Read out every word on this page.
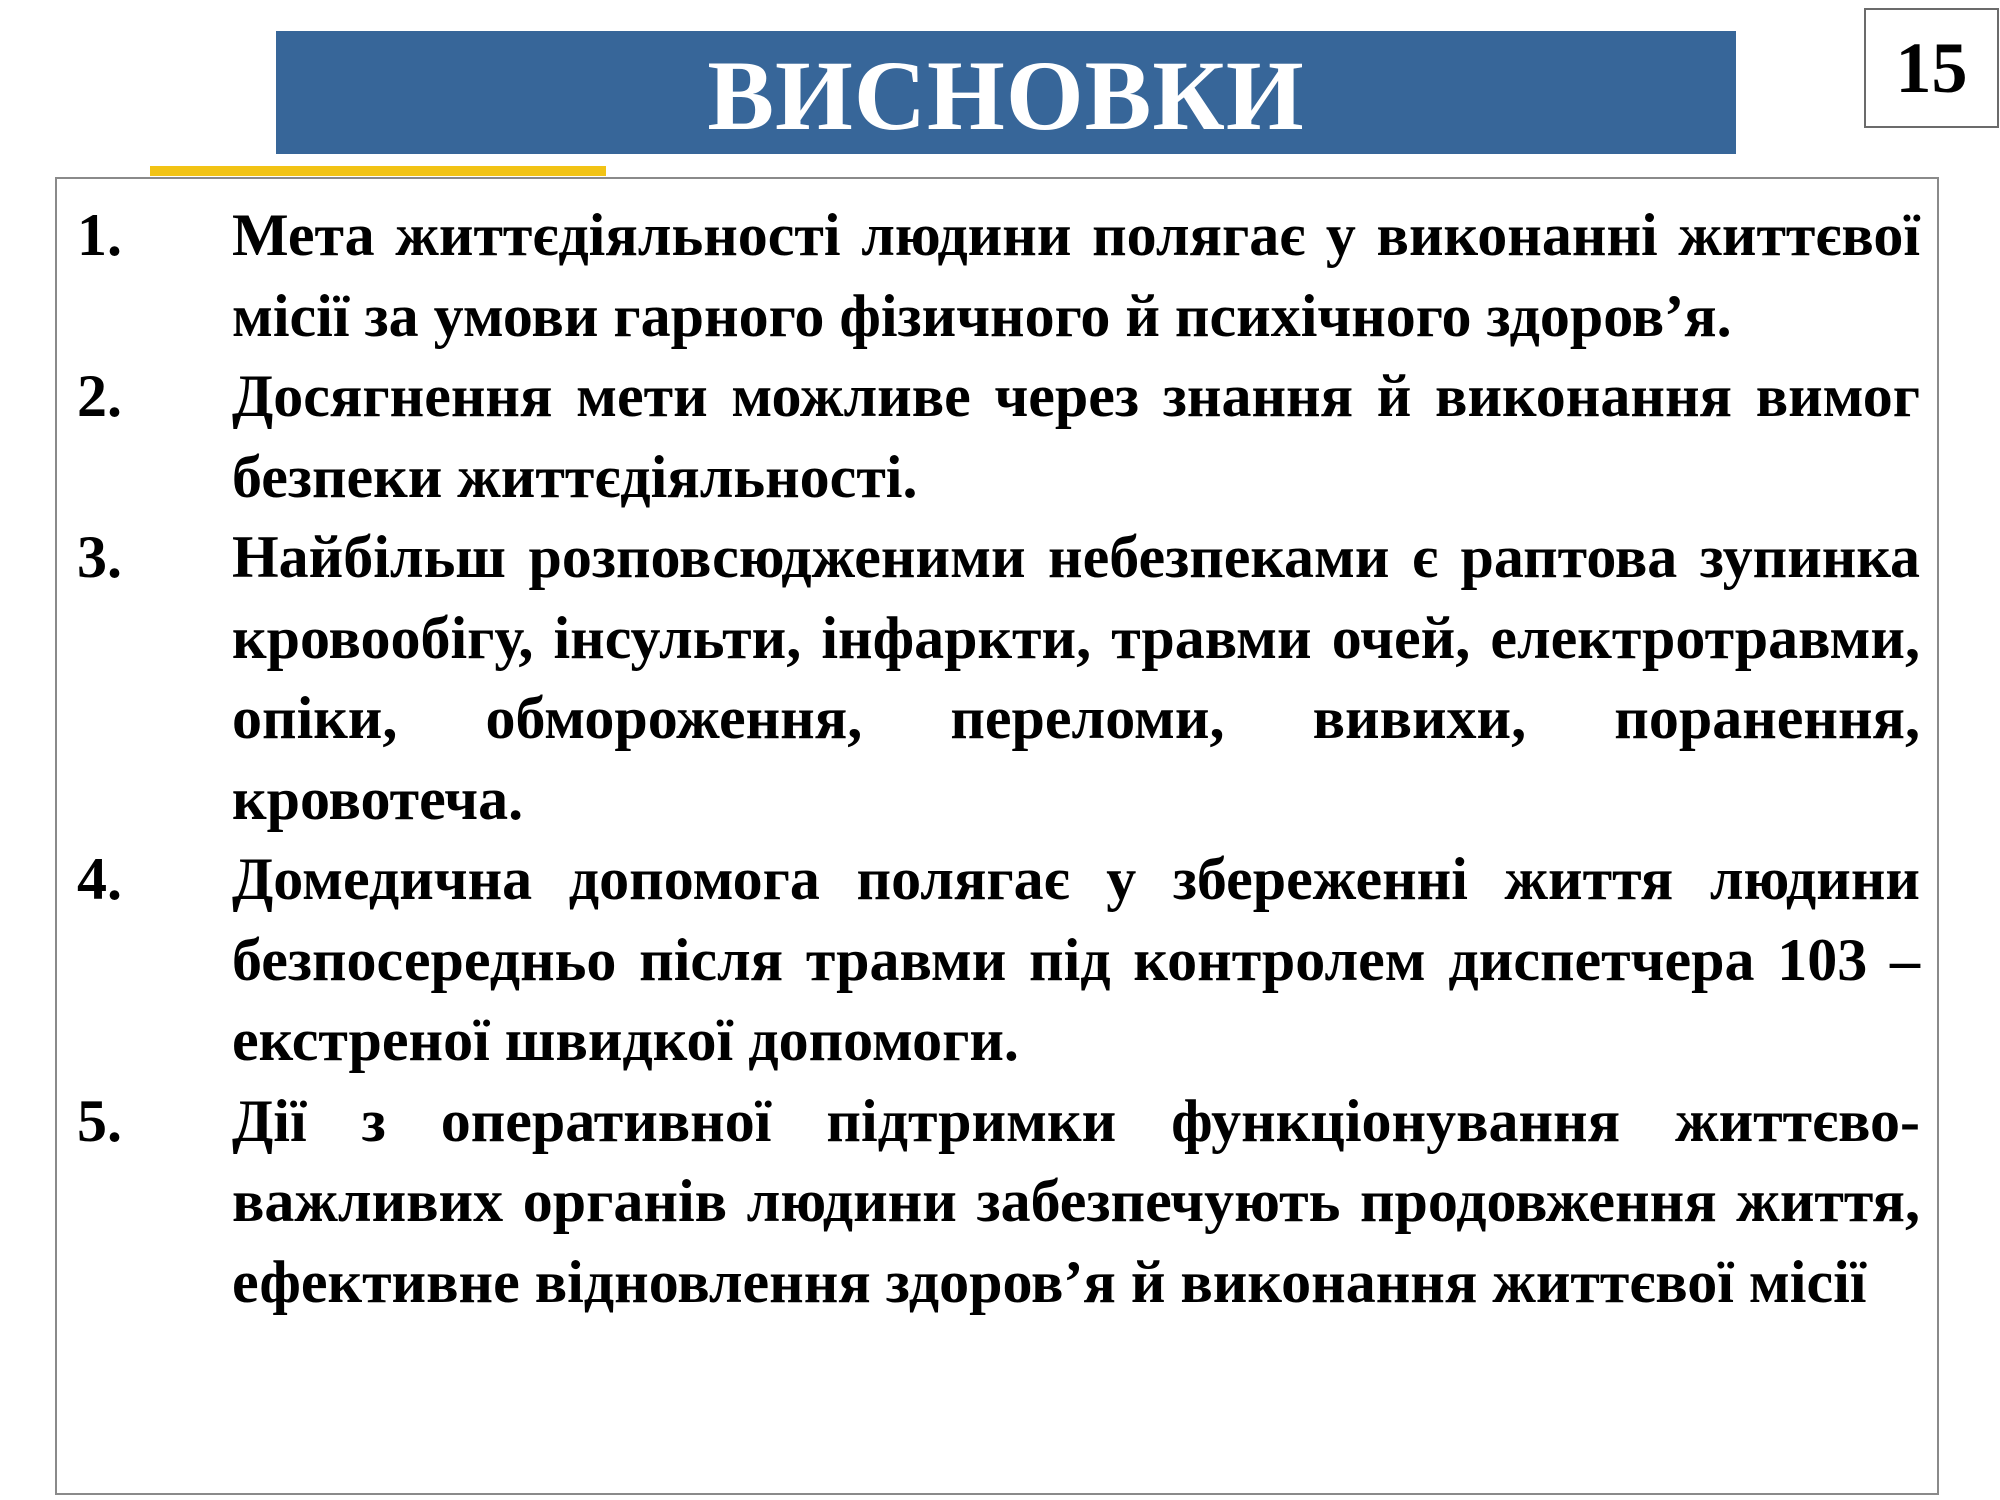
ВИСНОВКИ	15
1.	Мета життєдіяльності людини полягає у виконанні життєвої місії за умови гарного фізичного й психічного здоров’я.
2.	Досягнення мети можливе через знання й виконання вимог безпеки життєдіяльності.
3.	Найбільш розповсюдженими небезпеками є раптова зупинка кровообігу, інсульти, інфаркти, травми очей, електротравми, опіки, обмороження, переломи, вивихи, поранення, кровотеча.
4.	Домедична допомога полягає у збереженні життя людини безпосередньо після травми під контролем диспетчера 103 – екстреної швидкої допомоги.
5.	Дії з оперативної підтримки функціонування життєво-важливих органів людини забезпечують продовження життя, ефективне відновлення здоров’я й виконання життєвої місії
